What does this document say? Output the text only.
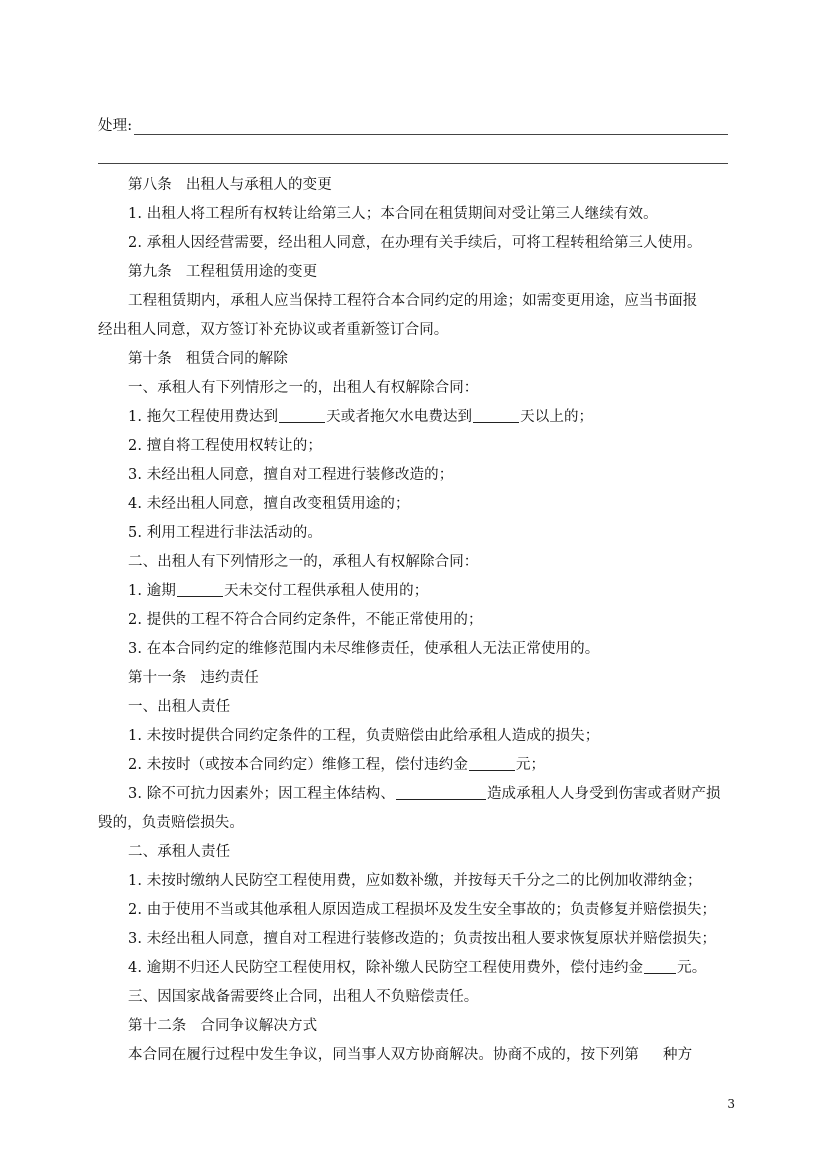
处理:
第八条 出租人与承租人的变更
1. 出租人将工程所有权转让给第三人；本合同在租赁期间对受让第三人继续有效。
2. 承租人因经营需要，经出租人同意，在办理有关手续后，可将工程转租给第三人使用。
第九条 工程租赁用途的变更
工程租赁期内，承租人应当保持工程符合本合同约定的用途；如需变更用途，应当书面报
经出租人同意，双方签订补充协议或者重新签订合同。
第十条 租赁合同的解除
一、承租人有下列情形之一的，出租人有权解除合同：
1. 拖欠工程使用费达到	天或者拖欠水电费达到	天以上的；
2. 擅自将工程使用权转让的；
3. 未经出租人同意，擅自对工程进行装修改造的；
4. 未经出租人同意，擅自改变租赁用途的；
5. 利用工程进行非法活动的。
二、出租人有下列情形之一的，承租人有权解除合同：
1. 逾期	天未交付工程供承租人使用的；
2. 提供的工程不符合合同约定条件，不能正常使用的；
3. 在本合同约定的维修范围内未尽维修责任，使承租人无法正常使用的。
第十一条 违约责任
一、出租人责任
1. 未按时提供合同约定条件的工程，负责赔偿由此给承租人造成的损失；
2. 未按时（或按本合同约定）维修工程，偿付违约金	元；
3. 除不可抗力因素外；因工程主体结构、	造成承租人人身受到伤害或者财产损
毁的，负责赔偿损失。
二、承租人责任
1. 未按时缴纳人民防空工程使用费，应如数补缴，并按每天千分之二的比例加收滞纳金；
2. 由于使用不当或其他承租人原因造成工程损坏及发生安全事故的；负责修复并赔偿损失；
3. 未经出租人同意，擅自对工程进行装修改造的；负责按出租人要求恢复原状并赔偿损失；
4. 逾期不归还人民防空工程使用权，除补缴人民防空工程使用费外，偿付违约金 元。
三、因国家战备需要终止合同，出租人不负赔偿责任。
第十二条 合同争议解决方式
本合同在履行过程中发生争议，同当事人双方协商解决。协商不成的，按下列第 种方
3
